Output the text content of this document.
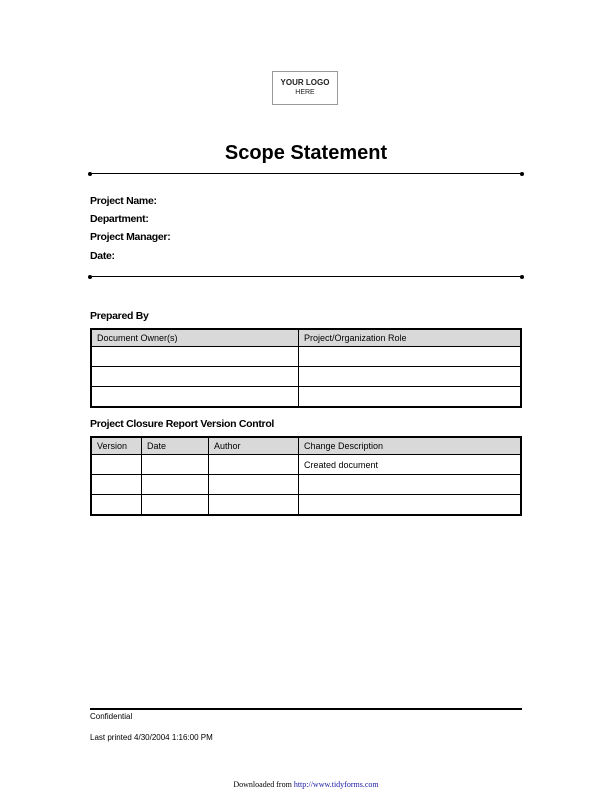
YOUR LOGO
HERE
Scope Statement
Project Name:
Department:
Project Manager:
Date:
Prepared By
Document Owner(s)	Project/Organization Role

Project Closure Report Version Control
Version	Date	Author	Change Description
			Created document

Confidential
Last printed 4/30/2004 1:16:00 PM
Downloaded from http://www.tidyforms.com
